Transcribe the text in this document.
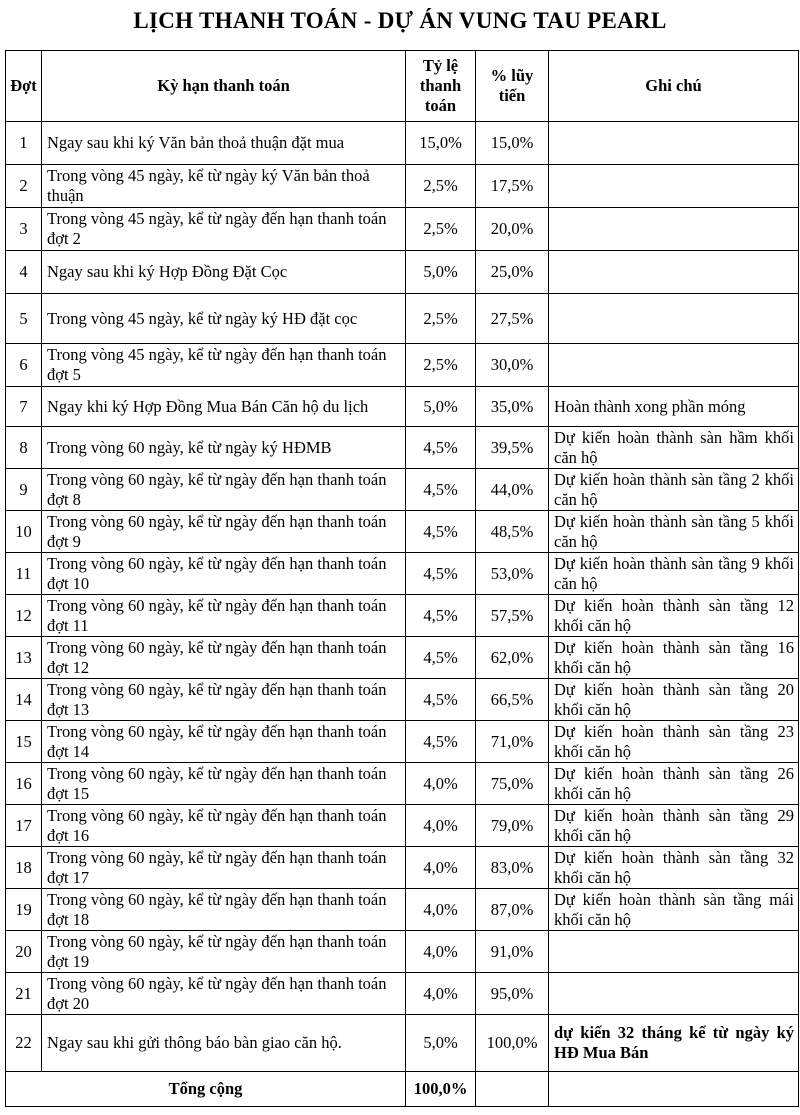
LỊCH THANH TOÁN - DỰ ÁN VUNG TAU PEARL
Đợt	Kỳ hạn thanh toán	Tỷ lệ thanh toán	% lũy tiến	Ghi chú
1	Ngay sau khi ký Văn bản thoả thuận đặt mua	15,0%	15,0%	
2	Trong vòng 45 ngày, kể từ ngày ký Văn bản thoả thuận	2,5%	17,5%	
3	Trong vòng 45 ngày, kể từ ngày đến hạn thanh toán đợt 2	2,5%	20,0%	
4	Ngay sau khi ký Hợp Đồng Đặt Cọc	5,0%	25,0%	
5	Trong vòng 45 ngày, kể từ ngày ký HĐ đặt cọc	2,5%	27,5%	
6	Trong vòng 45 ngày, kể từ ngày đến hạn thanh toán đợt 5	2,5%	30,0%	
7	Ngay khi ký Hợp Đồng Mua Bán Căn hộ du lịch	5,0%	35,0%	Hoàn thành xong phần móng
8	Trong vòng 60 ngày, kể từ ngày ký HĐMB	4,5%	39,5%	Dự kiến hoàn thành sàn hầm khối căn hộ
9	Trong vòng 60 ngày, kể từ ngày đến hạn thanh toán đợt 8	4,5%	44,0%	Dự kiến hoàn thành sàn tầng 2 khối căn hộ
10	Trong vòng 60 ngày, kể từ ngày đến hạn thanh toán đợt 9	4,5%	48,5%	Dự kiến hoàn thành sàn tầng 5 khối căn hộ
11	Trong vòng 60 ngày, kể từ ngày đến hạn thanh toán đợt 10	4,5%	53,0%	Dự kiến hoàn thành sàn tầng 9 khối căn hộ
12	Trong vòng 60 ngày, kể từ ngày đến hạn thanh toán đợt 11	4,5%	57,5%	Dự kiến hoàn thành sàn tầng 12 khối căn hộ
13	Trong vòng 60 ngày, kể từ ngày đến hạn thanh toán đợt 12	4,5%	62,0%	Dự kiến hoàn thành sàn tầng 16 khối căn hộ
14	Trong vòng 60 ngày, kể từ ngày đến hạn thanh toán đợt 13	4,5%	66,5%	Dự kiến hoàn thành sàn tầng 20 khối căn hộ
15	Trong vòng 60 ngày, kể từ ngày đến hạn thanh toán đợt 14	4,5%	71,0%	Dự kiến hoàn thành sàn tầng 23 khối căn hộ
16	Trong vòng 60 ngày, kể từ ngày đến hạn thanh toán đợt 15	4,0%	75,0%	Dự kiến hoàn thành sàn tầng 26 khối căn hộ
17	Trong vòng 60 ngày, kể từ ngày đến hạn thanh toán đợt 16	4,0%	79,0%	Dự kiến hoàn thành sàn tầng 29 khối căn hộ
18	Trong vòng 60 ngày, kể từ ngày đến hạn thanh toán đợt 17	4,0%	83,0%	Dự kiến hoàn thành sàn tầng 32 khối căn hộ
19	Trong vòng 60 ngày, kể từ ngày đến hạn thanh toán đợt 18	4,0%	87,0%	Dự kiến hoàn thành sàn tầng mái khối căn hộ
20	Trong vòng 60 ngày, kể từ ngày đến hạn thanh toán đợt 19	4,0%	91,0%	
21	Trong vòng 60 ngày, kể từ ngày đến hạn thanh toán đợt 20	4,0%	95,0%	
22	Ngay sau khi gửi thông báo bàn giao căn hộ.	5,0%	100,0%	dự kiến 32 tháng kể từ ngày ký HĐ Mua Bán
Tổng cộng		100,0%		
